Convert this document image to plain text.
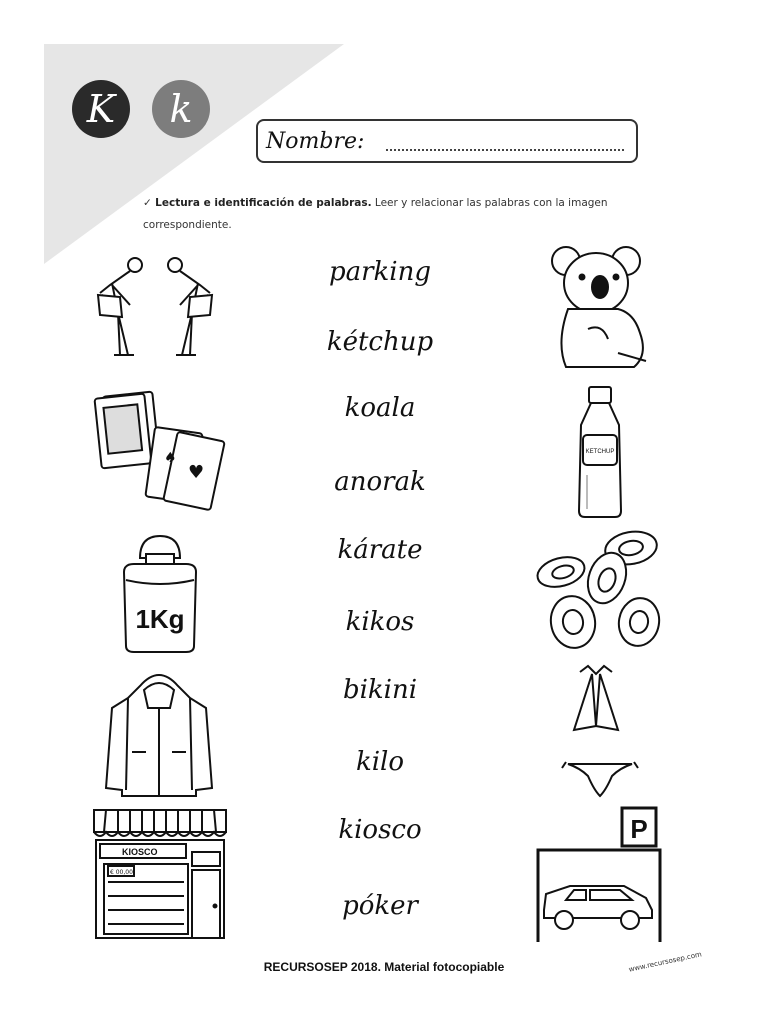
K k
Nombre:
✓ Lectura e identificación de palabras. Leer y relacionar las palabras con la imagen correspondiente.
parking
kétchup
koala
anorak
kárate
kikos
bikini
kilo
kiosco
póker
♥
♠
1Kg
KIOSCO
€ 00,00
KETCHUP
P
RECURSOSEP 2018. Material fotocopiable	www.recursosep.com
